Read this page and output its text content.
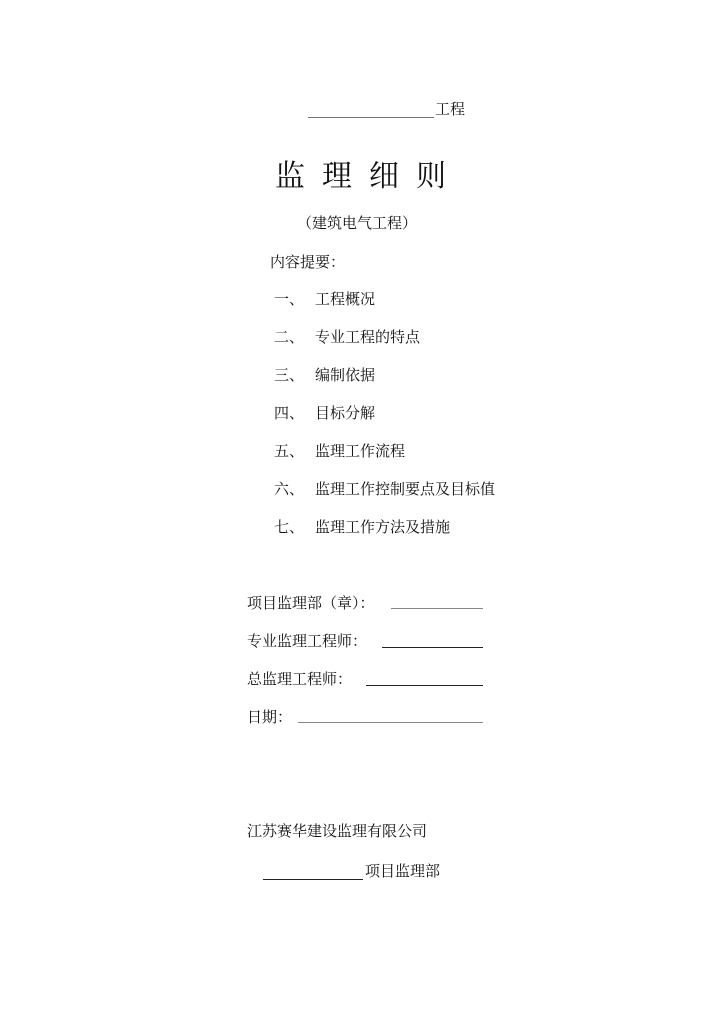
工程
监理细则
（建筑电气工程）
内容提要：
一、 工程概况
二、 专业工程的特点
三、 编制依据
四、 目标分解
五、 监理工作流程
六、 监理工作控制要点及目标值
七、 监理工作方法及措施
项目监理部（章）：
专业监理工程师：
总监理工程师：
日期：
江苏赛华建设监理有限公司
项目监理部
